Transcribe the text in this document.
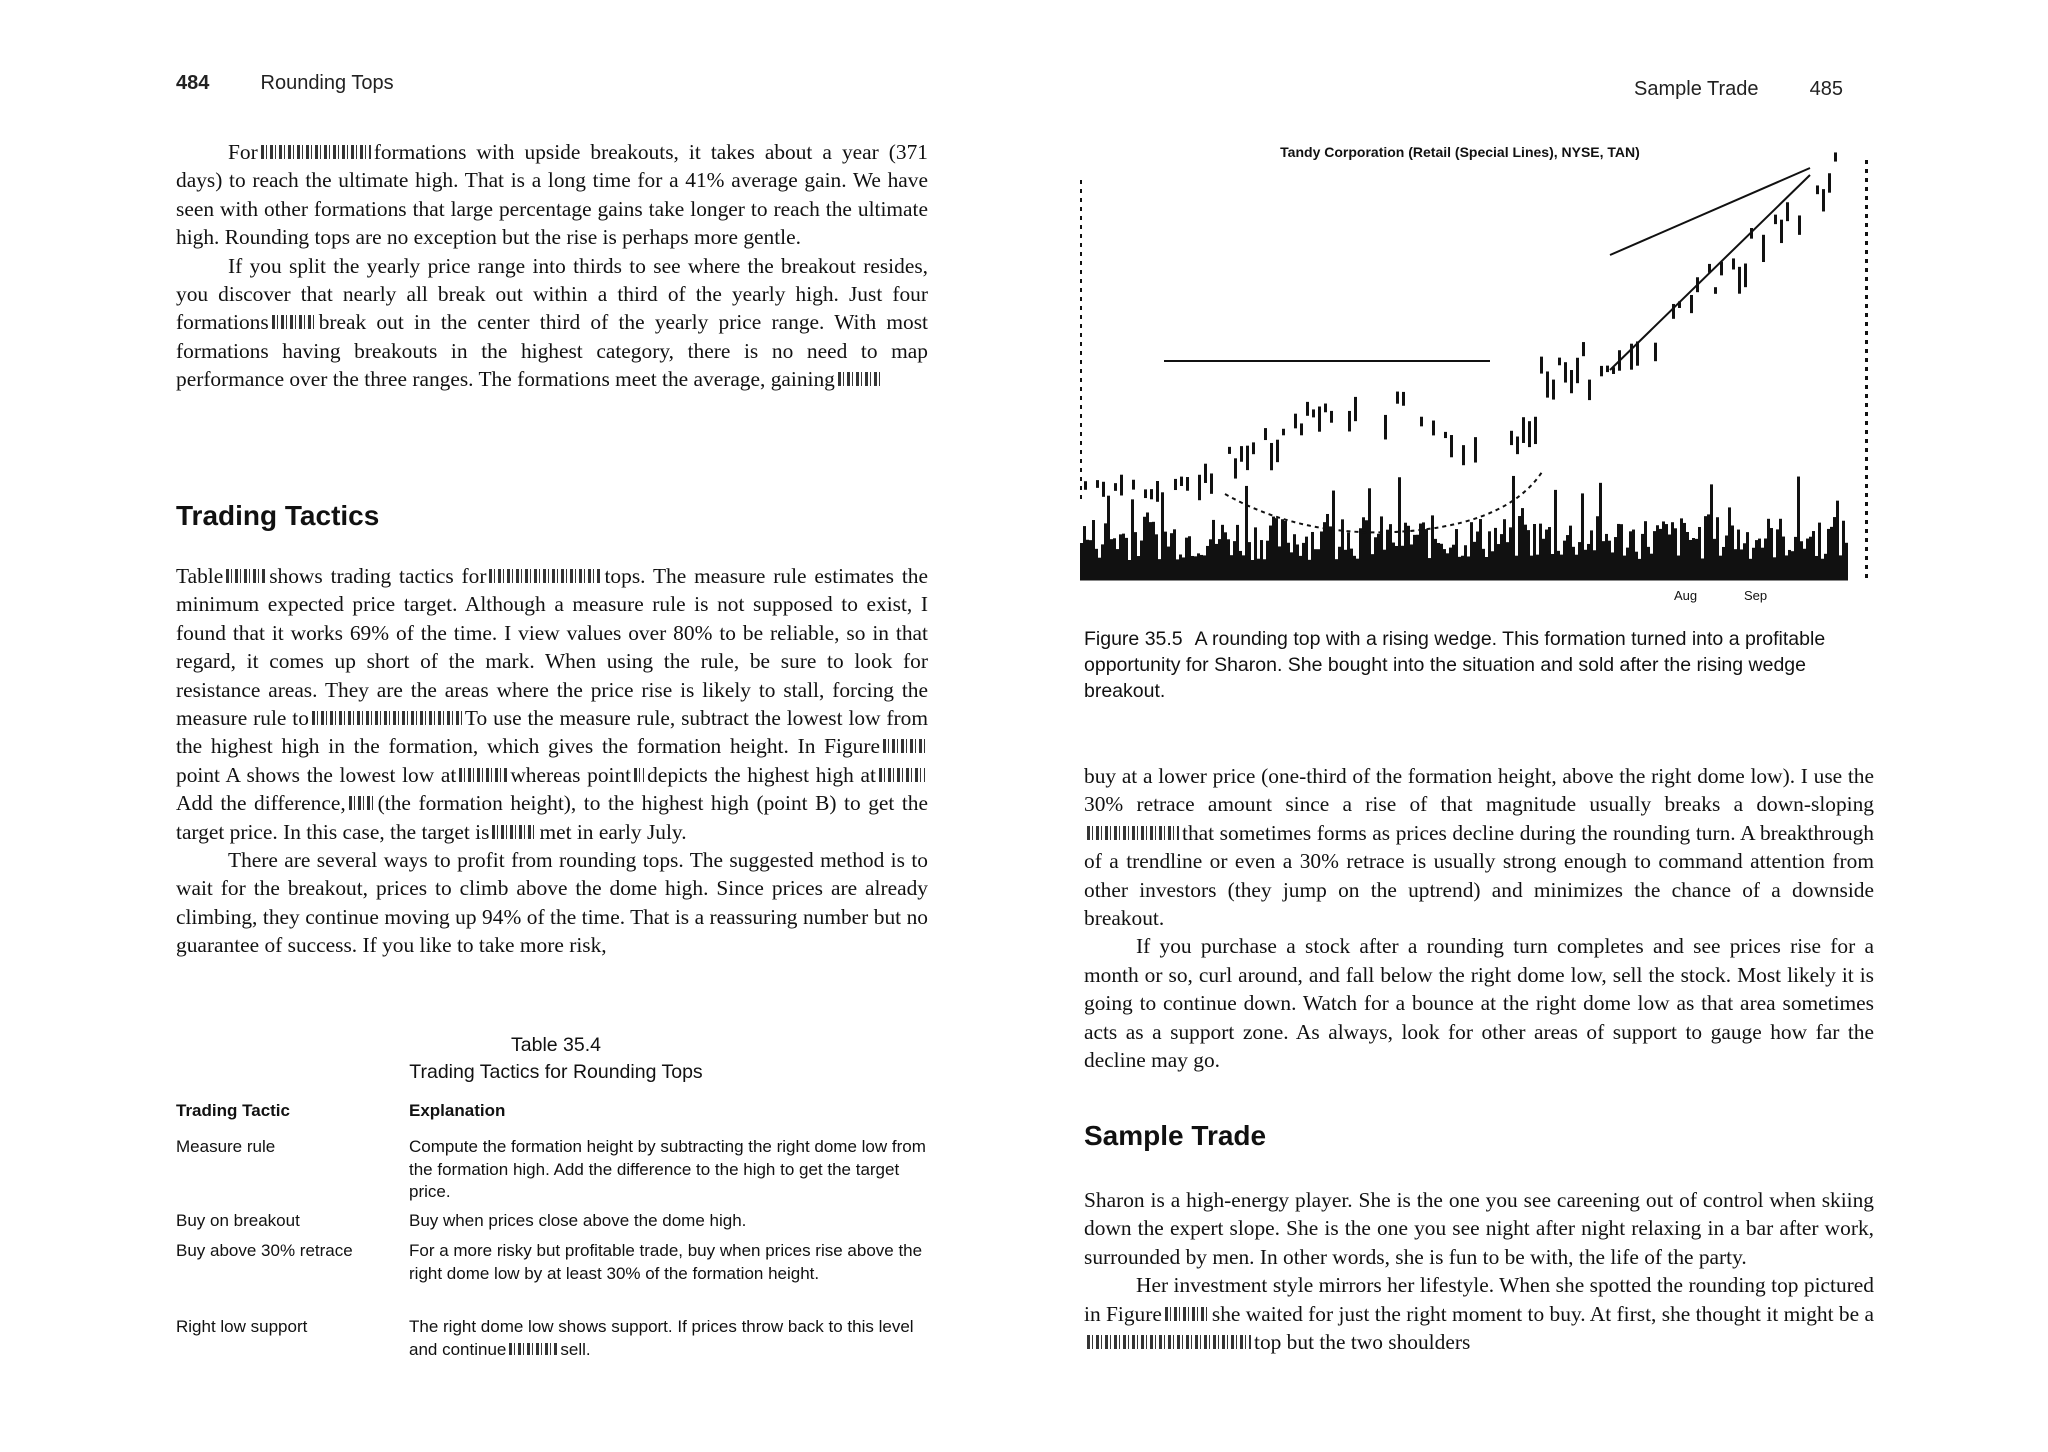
484	Rounding Tops

For	formations with upside breakouts, it takes about a year (371 days) to reach the ultimate high. That is a long time for a 41% average gain. We have seen with other formations that large percentage gains take longer to reach the ultimate high. Rounding tops are no exception but the rise is perhaps more gentle.

If you split the yearly price range into thirds to see where the breakout resides, you discover that nearly all break out within a third of the yearly high. Just four formations break out in the center third of the yearly price range. With most formations having breakouts in the highest category, there is no need to map performance over the three ranges. The formations meet the average, gaining

Trading Tactics

Table shows trading tactics for	tops. The measure rule estimates the minimum expected price target. Although a measure rule is not supposed to exist, I found that it works 69% of the time. I view values over 80% to be reliable, so in that regard, it comes up short of the mark. When using the rule, be sure to look for resistance areas. They are the areas where the price rise is likely to stall, forcing the measure rule to	To use the measure rule, subtract the lowest low from the highest high in the formation, which gives the formation height. In Figurepoint A shows the lowest low at	whereas point depicts the highest high atAdd the difference, (the formation height), to the highest high (point B) to get the target price. In this case, the target is met in early July.

There are several ways to profit from rounding tops. The suggested method is to wait for the breakout, prices to climb above the dome high. Since prices are already climbing, they continue moving up 94% of the time. That is a reassuring number but no guarantee of success. If you like to take more risk,

Table 35.4
Trading Tactics for Rounding Tops
Trading Tactic	Explanation
Measure rule	Compute the formation height by subtracting the right dome low from the formation high. Add the difference to the high to get the target price.
Buy on breakout	Buy when prices close above the dome high.
Buy above 30% retrace	For a more risky but profitable trade, buy when prices rise above the right dome low by at least 30% of the formation height.
Right low support	The right dome low shows support. If prices throw back to this level and continue	sell.
Sample Trade	485
Tandy Corporation (Retail (Special Lines), NYSE, TAN)
Aug	Sep
Figure 35.5 A rounding top with a rising wedge. This formation turned into a profitable opportunity for Sharon. She bought into the situation and sold after the rising wedge breakout.

buy at a lower price (one-third of the formation height, above the right dome low). I use the 30% retrace amount since a rise of that magnitude usually breaks a down-slopingthat sometimes forms as prices decline during the rounding turn. A breakthrough of a trendline or even a 30% retrace is usually strong enough to command attention from other investors (they jump on the uptrend) and minimizes the chance of a downside breakout.

If you purchase a stock after a rounding turn completes and see prices rise for a month or so, curl around, and fall below the right dome low, sell the stock. Most likely it is going to continue down. Watch for a bounce at the right dome low as that area sometimes acts as a support zone. As always, look for other areas of support to gauge how far the decline may go.

Sample Trade

Sharon is a high-energy player. She is the one you see careening out of control when skiing down the expert slope. She is the one you see night after night relaxing in a bar after work, surrounded by men. In other words, she is fun to be with, the life of the party.

Her investment style mirrors her lifestyle. When she spotted the rounding top pictured in Figure she waited for just the right moment to buy. At first, she thought it might be atop but the two shoulders
